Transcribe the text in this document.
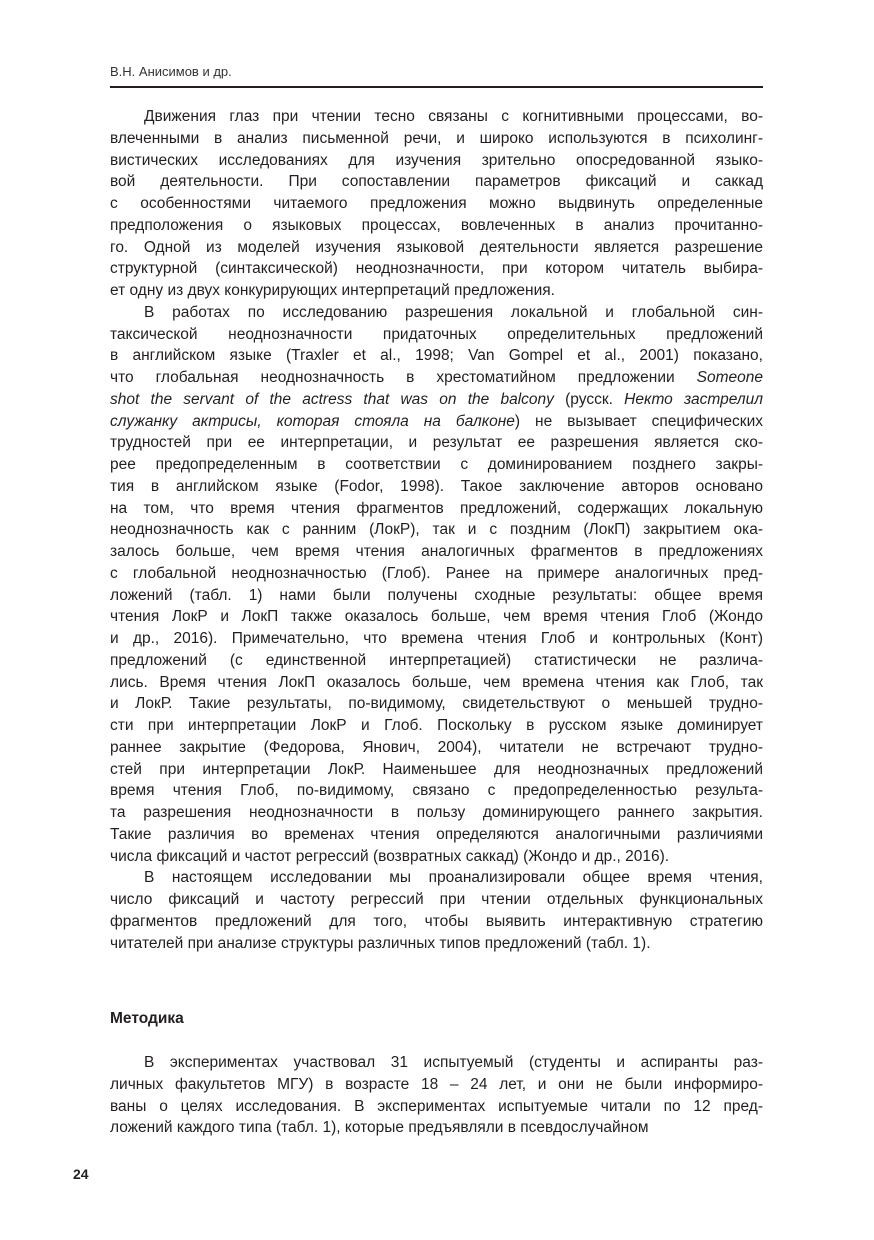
В.Н. Анисимов и др.
Движения глаз при чтении тесно связаны с когнитивными процессами, во-
влеченными в анализ письменной речи, и широко используются в психолинг-
вистических исследованиях для изучения зрительно опосредованной языко-
вой деятельности. При сопоставлении параметров фиксаций и саккад
с особенностями читаемого предложения можно выдвинуть определенные
предположения о языковых процессах, вовлеченных в анализ прочитанно-
го. Одной из моделей изучения языковой деятельности является разрешение
структурной (синтаксической) неоднозначности, при котором читатель выбира-
ет одну из двух конкурирующих интерпретаций предложения.
В работах по исследованию разрешения локальной и глобальной син-
таксической неоднозначности придаточных определительных предложений
в английском языке (Traxler et al., 1998; Van Gompel et al., 2001) показано,
что глобальная неоднозначность в хрестоматийном предложении Someone
shot the servant of the actress that was on the balcony (русск. Некто застрелил
служанку актрисы, которая стояла на балконе) не вызывает специфических
трудностей при ее интерпретации, и результат ее разрешения является ско-
рее предопределенным в соответствии с доминированием позднего закры-
тия в английском языке (Fodor, 1998). Такое заключение авторов основано
на том, что время чтения фрагментов предложений, содержащих локальную
неоднозначность как с ранним (ЛокР), так и с поздним (ЛокП) закрытием ока-
залось больше, чем время чтения аналогичных фрагментов в предложениях
с глобальной неоднозначностью (Глоб). Ранее на примере аналогичных пред-
ложений (табл. 1) нами были получены сходные результаты: общее время
чтения ЛокР и ЛокП также оказалось больше, чем время чтения Глоб (Жондо
и др., 2016). Примечательно, что времена чтения Глоб и контрольных (Конт)
предложений (с единственной интерпретацией) статистически не различа-
лись. Время чтения ЛокП оказалось больше, чем времена чтения как Глоб, так
и ЛокР. Такие результаты, по-видимому, свидетельствуют о меньшей трудно-
сти при интерпретации ЛокР и Глоб. Поскольку в русском языке доминирует
раннее закрытие (Федорова, Янович, 2004), читатели не встречают трудно-
стей при интерпретации ЛокР. Наименьшее для неоднозначных предложений
время чтения Глоб, по-видимому, связано с предопределенностью результа-
та разрешения неоднозначности в пользу доминирующего раннего закрытия.
Такие различия во временах чтения определяются аналогичными различиями
числа фиксаций и частот регрессий (возвратных саккад) (Жондо и др., 2016).
В настоящем исследовании мы проанализировали общее время чтения,
число фиксаций и частоту регрессий при чтении отдельных функциональных
фрагментов предложений для того, чтобы выявить интерактивную стратегию
читателей при анализе структуры различных типов предложений (табл. 1).
Методика
В экспериментах участвовал 31 испытуемый (студенты и аспиранты раз-
личных факультетов МГУ) в возрасте 18 – 24 лет, и они не были информиро-
ваны о целях исследования. В экспериментах испытуемые читали по 12 пред-
ложений каждого типа (табл. 1), которые предъявляли в псевдослучайном
24
